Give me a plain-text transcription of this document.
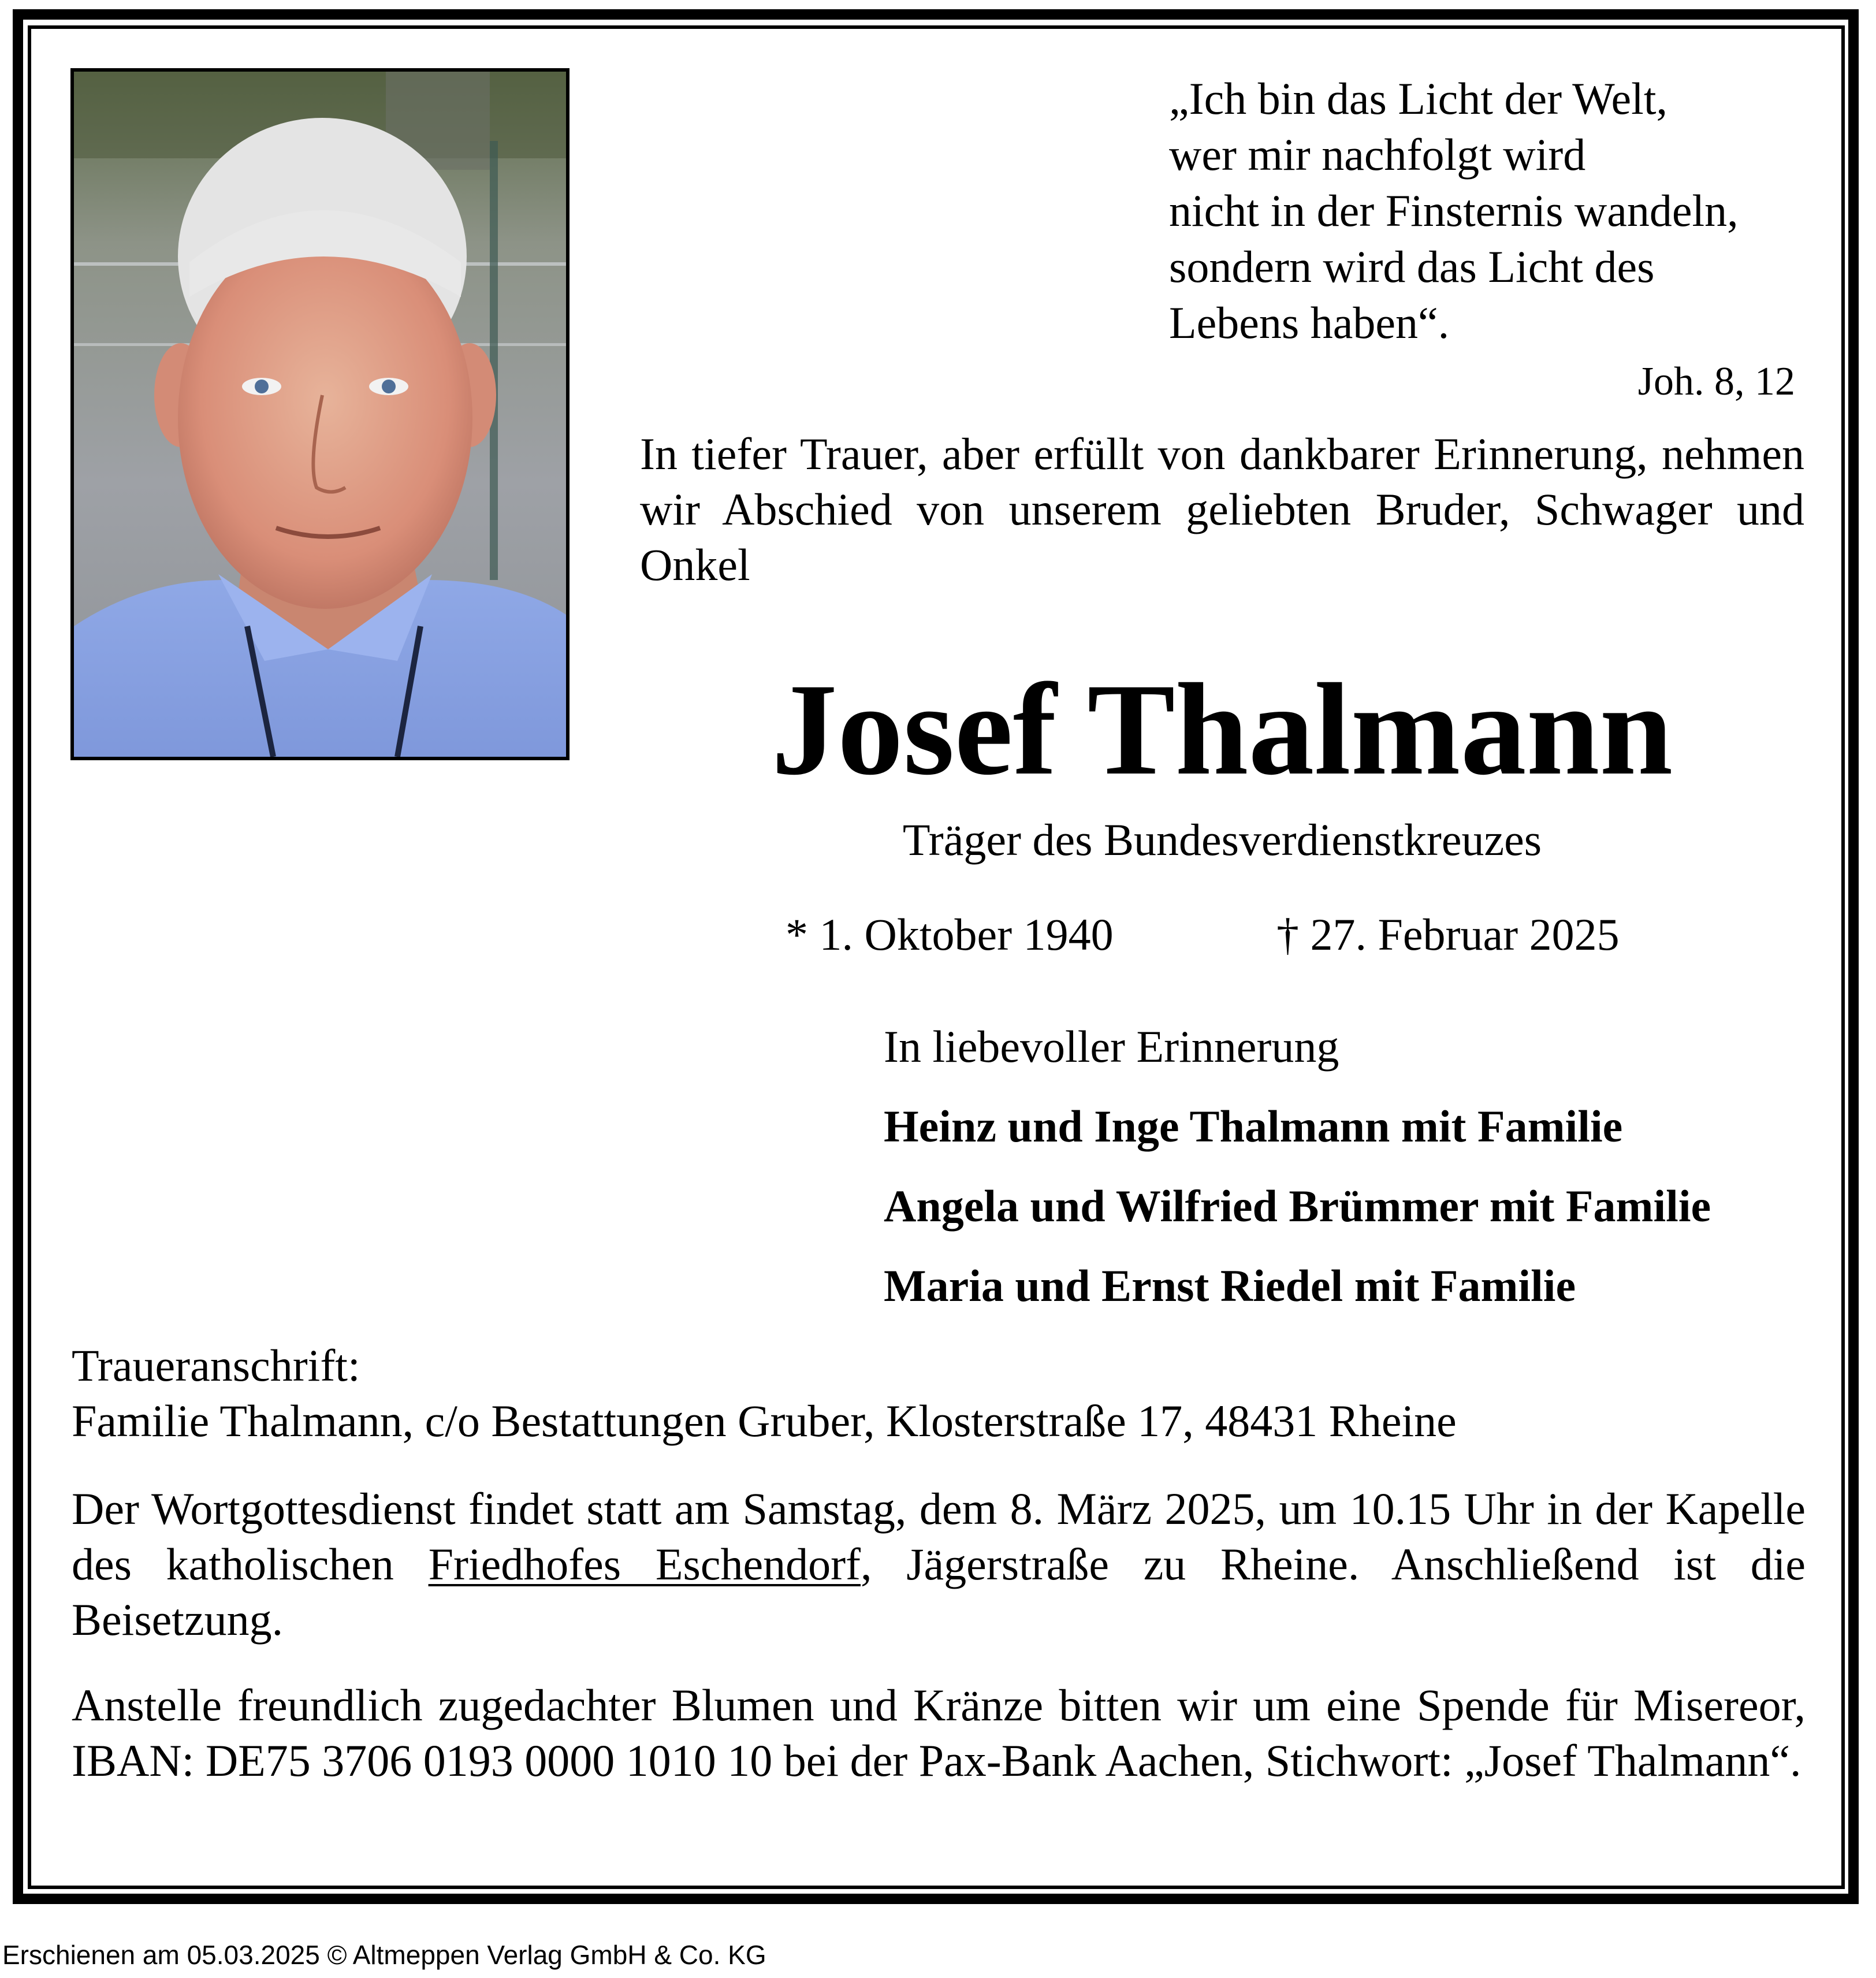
„Ich bin das Licht der Welt,
wer mir nachfolgt wird
nicht in der Finsternis wandeln,
sondern wird das Licht des
Lebens haben“.
Joh. 8, 12
In tiefer Trauer, aber erfüllt von dankbarer Erinnerung, nehmen wir Abschied von unserem geliebten Bruder, Schwager und Onkel
Josef Thalmann
Träger des Bundesverdienstkreuzes
* 1. Oktober 1940	† 27. Februar 2025
In liebevoller Erinnerung
Heinz und Inge Thalmann mit Familie
Angela und Wilfried Brümmer mit Familie
Maria und Ernst Riedel mit Familie
Traueranschrift:
Familie Thalmann, c/o Bestattungen Gruber, Klosterstraße 17, 48431 Rheine
Der Wortgottesdienst findet statt am Samstag, dem 8. März 2025, um 10.15 Uhr in der Kapelle des katholischen Friedhofes Eschendorf, Jägerstraße zu Rheine. Anschließend ist die Beisetzung.
Anstelle freundlich zugedachter Blumen und Kränze bitten wir um eine Spende für Misereor, IBAN: DE75 3706 0193 0000 1010 10 bei der Pax-Bank Aachen, Stichwort: „Josef Thalmann“.
Erschienen am 05.03.2025 © Altmeppen Verlag GmbH & Co. KG
